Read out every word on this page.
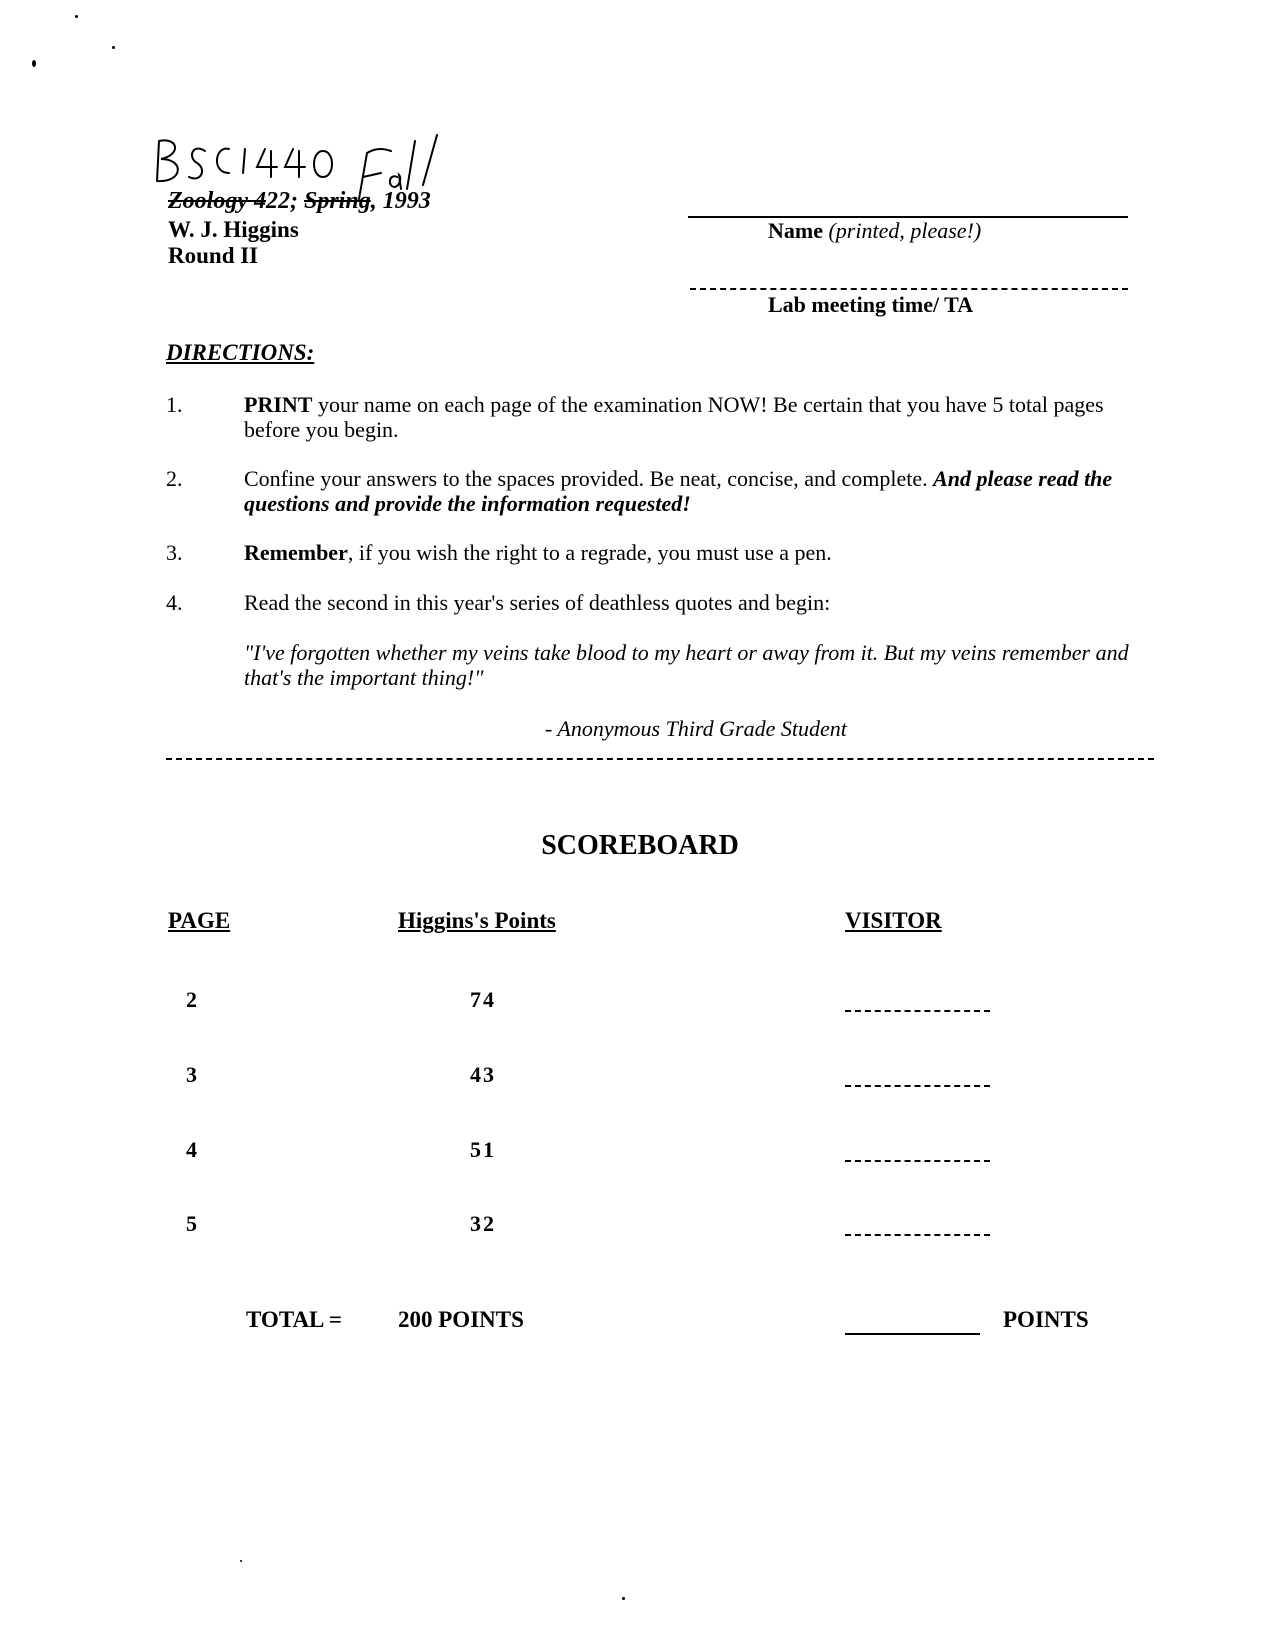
Zoology 422; Spring, 1993
W. J. Higgins
Round II
Name (printed, please!)
Lab meeting time/ TA
DIRECTIONS:
1.	PRINT your name on each page of the examination NOW! Be certain that you have 5 total pages before you begin.
2.	Confine your answers to the spaces provided. Be neat, concise, and complete. And please read the questions and provide the information requested!
3.	Remember, if you wish the right to a regrade, you must use a pen.
4.	Read the second in this year's series of deathless quotes and begin:
"I've forgotten whether my veins take blood to my heart or away from it. But my veins remember and that's the important thing!"
- Anonymous Third Grade Student
SCOREBOARD
PAGE	Higgins's Points	VISITOR
2	74
3	43
4	51
5	32
TOTAL = 200 POINTS	POINTS
